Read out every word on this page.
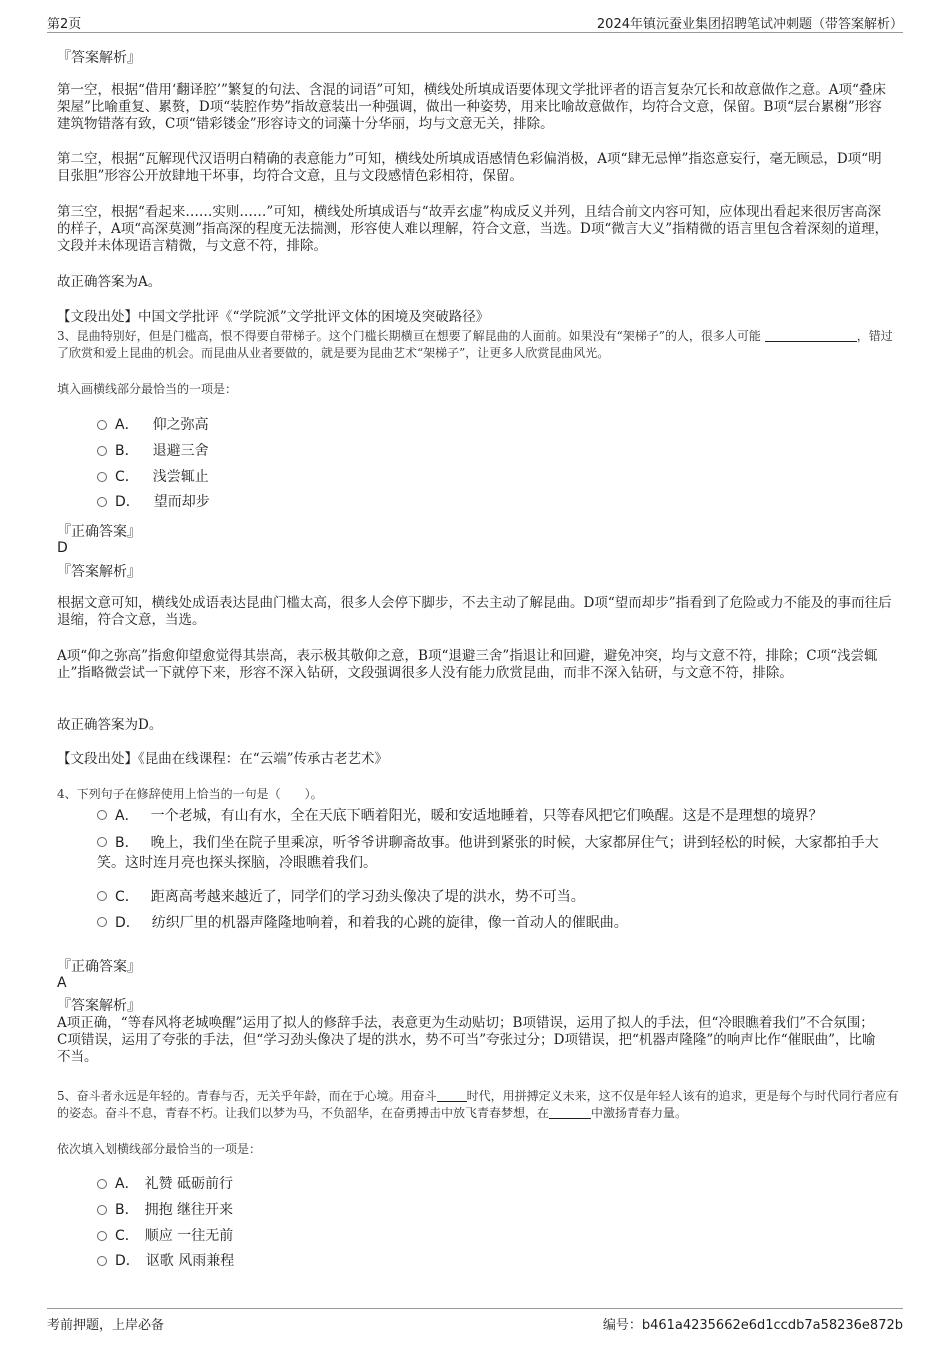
第2页	2024年镇沅蚕业集团招聘笔试冲刺题（带答案解析）
『答案解析』

第一空，根据“借用‘翻译腔’”繁复的句法、含混的词语”可知，横线处所填成语要体现文学批评者的语言复杂冗长和故意做作之意。A项“叠床架屋”比喻重复、累赘，D项“装腔作势”指故意装出一种强调，做出一种姿势，用来比喻故意做作，均符合文意，保留。B项“层台累榭”形容建筑物错落有致，C项“错彩镂金”形容诗文的词藻十分华丽，均与文意无关，排除。

第二空，根据“瓦解现代汉语明白精确的表意能力”可知，横线处所填成语感情色彩偏消极，A项“肆无忌惮”指恣意妄行，毫无顾忌，D项“明目张胆”形容公开放肆地干坏事，均符合文意，且与文段感情色彩相符，保留。

第三空，根据“看起来……实则……”可知，横线处所填成语与“故弄玄虚”构成反义并列，且结合前文内容可知，应体现出看起来很厉害高深的样子，A项“高深莫测”指高深的程度无法揣测，形容使人难以理解，符合文意，当选。D项“微言大义”指精微的语言里包含着深刻的道理，文段并未体现语言精微，与文意不符，排除。

故正确答案为A。

【文段出处】中国文学批评《“学院派”文学批评文体的困境及突破路径》

3、昆曲特别好，但是门槛高，恨不得要自带梯子。这个门槛长期横亘在想要了解昆曲的人面前。如果没有“架梯子”的人，很多人可能	，错过了欣赏和爱上昆曲的机会。而昆曲从业者要做的，就是要为昆曲艺术“架梯子”，让更多人欣赏昆曲风光。

填入画横线部分最恰当的一项是：

A． 仰之弥高
B． 退避三舍
C． 浅尝辄止
D． 望而却步
『正确答案』
D
『答案解析』

根据文意可知，横线处成语表达昆曲门槛太高，很多人会停下脚步，不去主动了解昆曲。D项“望而却步”指看到了危险或力不能及的事而往后退缩，符合文意，当选。

A项“仰之弥高”指愈仰望愈觉得其崇高，表示极其敬仰之意，B项“退避三舍”指退让和回避，避免冲突，均与文意不符，排除；C项“浅尝辄止”指略微尝试一下就停下来，形容不深入钻研，文段强调很多人没有能力欣赏昆曲，而非不深入钻研，与文意不符，排除。

故正确答案为D。

【文段出处】《昆曲在线课程：在“云端”传承古老艺术》

4、下列句子在修辞使用上恰当的一句是（　　）。

A． 一个老城，有山有水，全在天底下晒着阳光，暖和安适地睡着，只等春风把它们唤醒。这是不是理想的境界？
B． 晚上，我们坐在院子里乘凉，听爷爷讲聊斋故事。他讲到紧张的时候，大家都屏住气；讲到轻松的时候，大家都拍手大笑。这时连月亮也探头探脑，冷眼瞧着我们。
C． 距离高考越来越近了，同学们的学习劲头像决了堤的洪水，势不可当。
D． 纺织厂里的机器声隆隆地响着，和着我的心跳的旋律，像一首动人的催眠曲。
『正确答案』
A
『答案解析』

A项正确，“等春风将老城唤醒”运用了拟人的修辞手法，表意更为生动贴切；B项错误，运用了拟人的手法，但“冷眼瞧着我们”不合氛围；C项错误，运用了夸张的手法，但“学习劲头像决了堤的洪水，势不可当”夸张过分；D项错误，把“机器声隆隆”的响声比作“催眠曲”，比喻不当。

5、奋斗者永远是年轻的。青春与否，无关乎年龄，而在于心境。用奋斗	时代，用拼搏定义未来，这不仅是年轻人该有的追求，更是每个与时代同行者应有的姿态。奋斗不息，青春不朽。让我们以梦为马，不负韶华，在奋勇搏击中放飞青春梦想，在	中激扬青春力量。

依次填入划横线部分最恰当的一项是：

A． 礼赞 砥砺前行
B． 拥抱 继往开来
C． 顺应 一往无前
D． 讴歌 风雨兼程
考前押题，上岸必备	编号：b461a4235662e6d1ccdb7a58236e872b
